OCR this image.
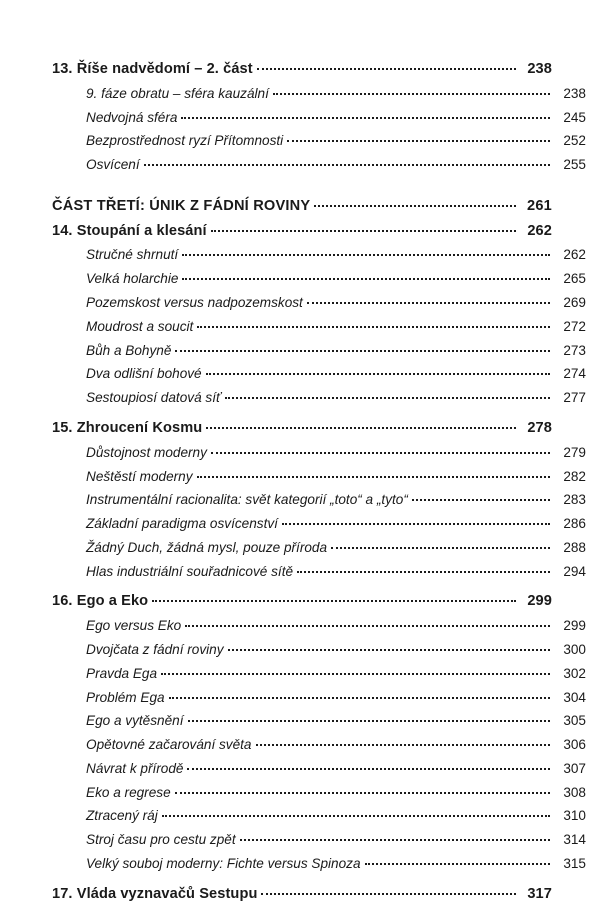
13. Říše nadvědomí – 2. část	238
9. fáze obratu – sféra kauzální	238
Nedvojná sféra	245
Bezprostřednost ryzí Přítomnosti	252
Osvícení	255
ČÁST TŘETÍ: ÚNIK Z FÁDNÍ ROVINY	261
14. Stoupání a klesání	262
Stručné shrnutí	262
Velká holarchie	265
Pozemskost versus nadpozemskost	269
Moudrost a soucit	272
Bůh a Bohyně	273
Dva odlišní bohové	274
Sestoupiosí datová síť	277
15. Zhroucení Kosmu	278
Důstojnost moderny	279
Neštěstí moderny	282
Instrumentální racionalita: svět kategorií „toto“ a „tyto“	283
Základní paradigma osvícenství	286
Žádný Duch, žádná mysl, pouze příroda	288
Hlas industriální souřadnicové sítě	294
16. Ego a Eko	299
Ego versus Eko	299
Dvojčata z fádní roviny	300
Pravda Ega	302
Problém Ega	304
Ego a vytěsnění	305
Opětovné začarování světa	306
Návrat k přírodě	307
Eko a regrese	308
Ztracený ráj	310
Stroj času pro cestu zpět	314
Velký souboj moderny: Fichte versus Spinoza	315
17. Vláda vyznavačů Sestupu	317
